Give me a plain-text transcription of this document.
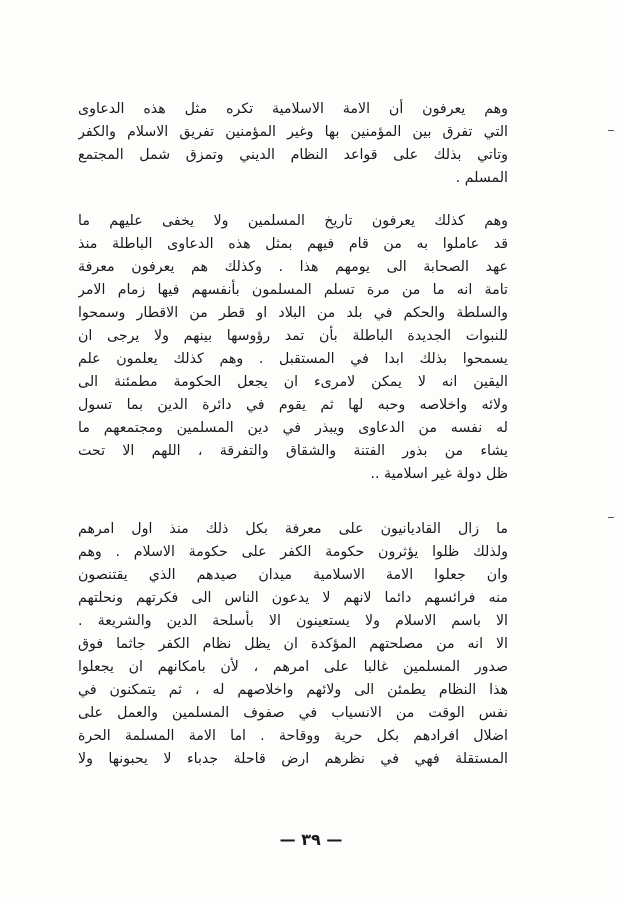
وهم يعرفون أن الامة الاسلامية تكره مثل هذه الدعاوى
التي تفرق بين المؤمنين بها وغير المؤمنين تفريق الاسلام والكفر
وتاتي بذلك على قواعد النظام الديني وتمزق شمل المجتمع
المسلم .
وهم كذلك يعرفون تاريخ المسلمين ولا يخفى عليهم ما
قد عاملوا به من قام فيهم بمثل هذه الدعاوى الباطلة منذ
عهد الصحابة الى يومهم هذا . وكذلك هم يعرفون معرفة
تامة انه ما من مرة تسلم المسلمون بأنفسهم فيها زمام الامر
والسلطة والحكم في بلد من البلاد او قطر من الاقطار وسمحوا
للنبوات الجديدة الباطلة بأن تمد رؤوسها بينهم ولا يرجى ان
يسمحوا بذلك ابدا في المستقبل . وهم كذلك يعلمون علم
اليقين انه لا يمكن لامرىء ان يجعل الحكومة مطمئنة الى
ولائه واخلاصه وحبه لها ثم يقوم في دائرة الدين بما تسول
له نفسه من الدعاوى ويبذر في دين المسلمين ومجتمعهم ما
يشاء من بذور الفتنة والشقاق والتفرقة ، اللهم الا تحت
ظل دولة غير اسلامية ..
ما زال القاديانيون على معرفة بكل ذلك منذ اول امرهم
ولذلك ظلوا يؤثرون حكومة الكفر على حكومة الاسلام . وهم
وان جعلوا الامة الاسلامية ميدان صيدهم الذي يقتنصون
منه فرائسهم دائما لانهم لا يدعون الناس الى فكرتهم ونحلتهم
الا باسم الاسلام ولا يستعينون الا بأسلحة الدين والشريعة .
الا انه من مصلحتهم المؤكدة ان يظل نظام الكفر جاثما فوق
صدور المسلمين غالبا على امرهم ، لأن بامكانهم ان يجعلوا
هذا النظام يطمئن الى ولائهم واخلاصهم له ، ثم يتمكنون في
نفس الوقت من الانسياب في صفوف المسلمين والعمل على
اضلال افرادهم بكل حرية ووقاحة . اما الامة المسلمة الحرة
المستقلة فهي في نظرهم ارض قاحلة جدباء لا يحبونها ولا
— ٣٩ —
